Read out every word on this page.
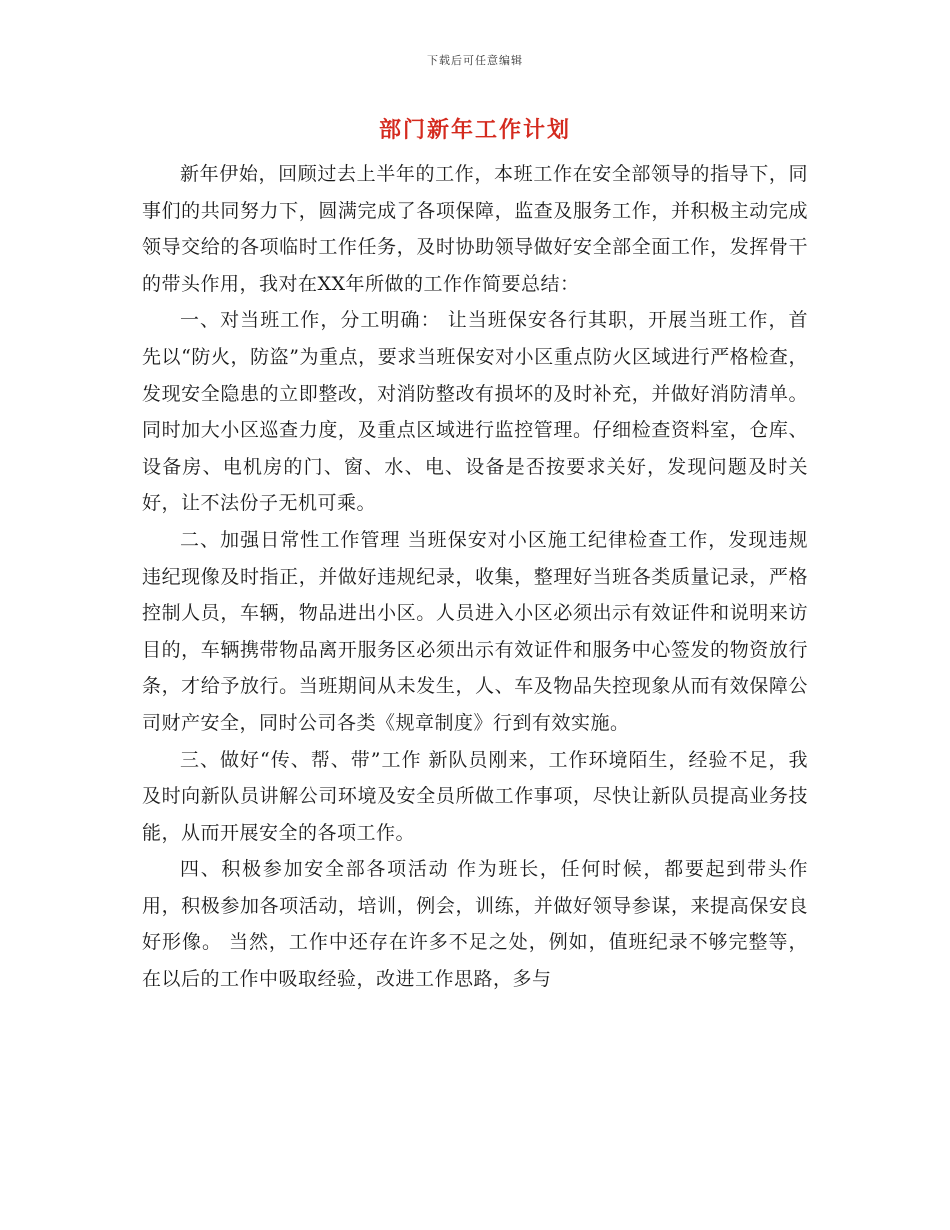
下载后可任意编辑
部门新年工作计划

新年伊始，回顾过去上半年的工作，本班工作在安全部领导的指导下，同事们的共同努力下，圆满完成了各项保障，监查及服务工作，并积极主动完成领导交给的各项临时工作任务，及时协助领导做好安全部全面工作，发挥骨干的带头作用，我对在XX年所做的工作作简要总结：

一、对当班工作，分工明确： 让当班保安各行其职，开展当班工作，首先以“防火，防盗”为重点，要求当班保安对小区重点防火区域进行严格检查，发现安全隐患的立即整改，对消防整改有损坏的及时补充，并做好消防清单。同时加大小区巡查力度，及重点区域进行监控管理。仔细检查资料室，仓库、设备房、电机房的门、窗、水、电、设备是否按要求关好，发现问题及时关好，让不法份子无机可乘。

二、加强日常性工作管理 当班保安对小区施工纪律检查工作，发现违规违纪现像及时指正，并做好违规纪录，收集，整理好当班各类质量记录，严格控制人员，车辆，物品进出小区。人员进入小区必须出示有效证件和说明来访目的，车辆携带物品离开服务区必须出示有效证件和服务中心签发的物资放行条，才给予放行。当班期间从未发生，人、车及物品失控现象从而有效保障公司财产安全，同时公司各类《规章制度》行到有效实施。

三、做好“传、帮、带”工作 新队员刚来，工作环境陌生，经验不足，我及时向新队员讲解公司环境及安全员所做工作事项，尽快让新队员提高业务技能，从而开展安全的各项工作。

四、积极参加安全部各项活动 作为班长，任何时候，都要起到带头作用，积极参加各项活动，培训，例会，训练，并做好领导参谋，来提高保安良好形像。 当然，工作中还存在许多不足之处，例如，值班纪录不够完整等，在以后的工作中吸取经验，改进工作思路，多与
